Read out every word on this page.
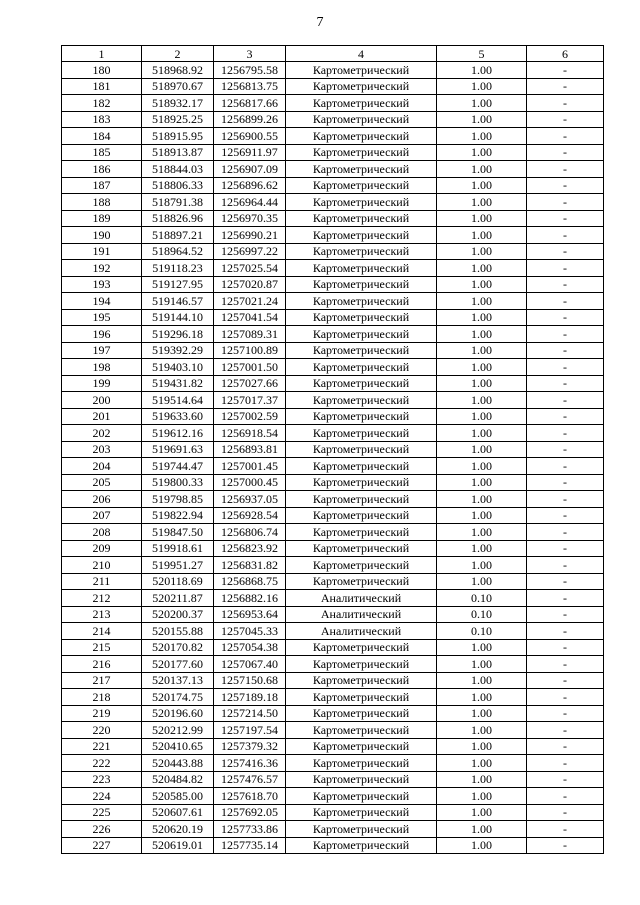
7
1	2	3	4	5	6
180	518968.92	1256795.58	Картометрический	1.00	-
181	518970.67	1256813.75	Картометрический	1.00	-
182	518932.17	1256817.66	Картометрический	1.00	-
183	518925.25	1256899.26	Картометрический	1.00	-
184	518915.95	1256900.55	Картометрический	1.00	-
185	518913.87	1256911.97	Картометрический	1.00	-
186	518844.03	1256907.09	Картометрический	1.00	-
187	518806.33	1256896.62	Картометрический	1.00	-
188	518791.38	1256964.44	Картометрический	1.00	-
189	518826.96	1256970.35	Картометрический	1.00	-
190	518897.21	1256990.21	Картометрический	1.00	-
191	518964.52	1256997.22	Картометрический	1.00	-
192	519118.23	1257025.54	Картометрический	1.00	-
193	519127.95	1257020.87	Картометрический	1.00	-
194	519146.57	1257021.24	Картометрический	1.00	-
195	519144.10	1257041.54	Картометрический	1.00	-
196	519296.18	1257089.31	Картометрический	1.00	-
197	519392.29	1257100.89	Картометрический	1.00	-
198	519403.10	1257001.50	Картометрический	1.00	-
199	519431.82	1257027.66	Картометрический	1.00	-
200	519514.64	1257017.37	Картометрический	1.00	-
201	519633.60	1257002.59	Картометрический	1.00	-
202	519612.16	1256918.54	Картометрический	1.00	-
203	519691.63	1256893.81	Картометрический	1.00	-
204	519744.47	1257001.45	Картометрический	1.00	-
205	519800.33	1257000.45	Картометрический	1.00	-
206	519798.85	1256937.05	Картометрический	1.00	-
207	519822.94	1256928.54	Картометрический	1.00	-
208	519847.50	1256806.74	Картометрический	1.00	-
209	519918.61	1256823.92	Картометрический	1.00	-
210	519951.27	1256831.82	Картометрический	1.00	-
211	520118.69	1256868.75	Картометрический	1.00	-
212	520211.87	1256882.16	Аналитический	0.10	-
213	520200.37	1256953.64	Аналитический	0.10	-
214	520155.88	1257045.33	Аналитический	0.10	-
215	520170.82	1257054.38	Картометрический	1.00	-
216	520177.60	1257067.40	Картометрический	1.00	-
217	520137.13	1257150.68	Картометрический	1.00	-
218	520174.75	1257189.18	Картометрический	1.00	-
219	520196.60	1257214.50	Картометрический	1.00	-
220	520212.99	1257197.54	Картометрический	1.00	-
221	520410.65	1257379.32	Картометрический	1.00	-
222	520443.88	1257416.36	Картометрический	1.00	-
223	520484.82	1257476.57	Картометрический	1.00	-
224	520585.00	1257618.70	Картометрический	1.00	-
225	520607.61	1257692.05	Картометрический	1.00	-
226	520620.19	1257733.86	Картометрический	1.00	-
227	520619.01	1257735.14	Картометрический	1.00	-
